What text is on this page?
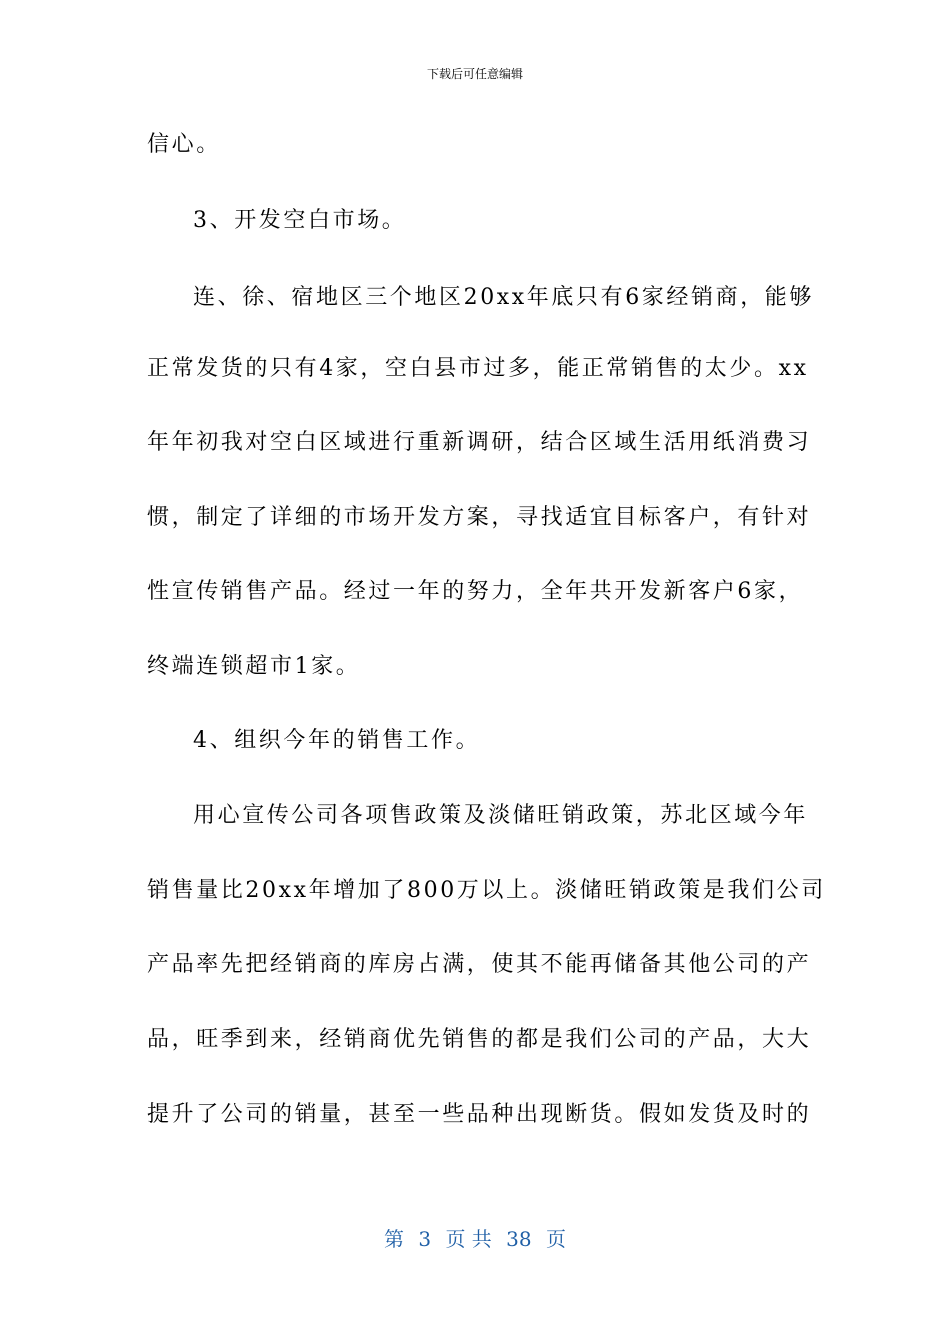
下载后可任意编辑
信心。
3、开发空白市场。
连、徐、宿地区三个地区20xx年底只有6家经销商，能够
正常发货的只有4家，空白县市过多，能正常销售的太少。xx
年年初我对空白区域进行重新调研，结合区域生活用纸消费习
惯，制定了详细的市场开发方案，寻找适宜目标客户，有针对
性宣传销售产品。经过一年的努力，全年共开发新客户6家，
终端连锁超市1家。
4、组织今年的销售工作。
用心宣传公司各项售政策及淡储旺销政策，苏北区域今年
销售量比20xx年增加了800万以上。淡储旺销政策是我们公司
产品率先把经销商的库房占满，使其不能再储备其他公司的产
品，旺季到来，经销商优先销售的都是我们公司的产品，大大
提升了公司的销量，甚至一些品种出现断货。假如发货及时的
第 3 页 共 38 页
